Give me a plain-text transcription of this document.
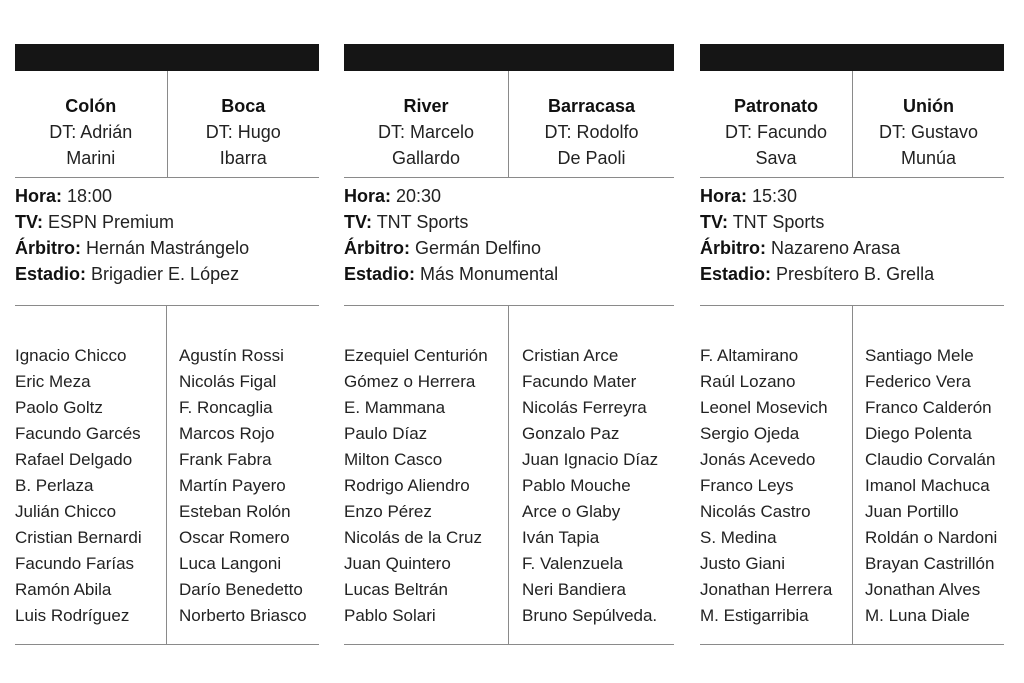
Colón
DT: Adrián
Marini
Boca
DT: Hugo
Ibarra
Hora: 18:00
TV: ESPN Premium
Árbitro: Hernán Mastrángelo
Estadio: Brigadier E. López
Ignacio Chicco
Eric Meza
Paolo Goltz
Facundo Garcés
Rafael Delgado
B. Perlaza
Julián Chicco
Cristian Bernardi
Facundo Farías
Ramón Abila
Luis Rodríguez
Agustín Rossi
Nicolás Figal
F. Roncaglia
Marcos Rojo
Frank Fabra
Martín Payero
Esteban Rolón
Oscar Romero
Luca Langoni
Darío Benedetto
Norberto Briasco
River
DT: Marcelo
Gallardo
Barracasa
DT: Rodolfo
De Paoli
Hora: 20:30
TV: TNT Sports
Árbitro: Germán Delfino
Estadio: Más Monumental
Ezequiel Centurión
Gómez o Herrera
E. Mammana
Paulo Díaz
Milton Casco
Rodrigo Aliendro
Enzo Pérez
Nicolás de la Cruz
Juan Quintero
Lucas Beltrán
Pablo Solari
Cristian Arce
Facundo Mater
Nicolás Ferreyra
Gonzalo Paz
Juan Ignacio Díaz
Pablo Mouche
Arce o Glaby
Iván Tapia
F. Valenzuela
Neri Bandiera
Bruno Sepúlveda.
Patronato
DT: Facundo
Sava
Unión
DT: Gustavo
Munúa
Hora: 15:30
TV: TNT Sports
Árbitro: Nazareno Arasa
Estadio: Presbítero B. Grella
F. Altamirano
Raúl Lozano
Leonel Mosevich
Sergio Ojeda
Jonás Acevedo
Franco Leys
Nicolás Castro
S. Medina
Justo Giani
Jonathan Herrera
M. Estigarribia
Santiago Mele
Federico Vera
Franco Calderón
Diego Polenta
Claudio Corvalán
Imanol Machuca
Juan Portillo
Roldán o Nardoni
Brayan Castrillón
Jonathan Alves
M. Luna Diale
